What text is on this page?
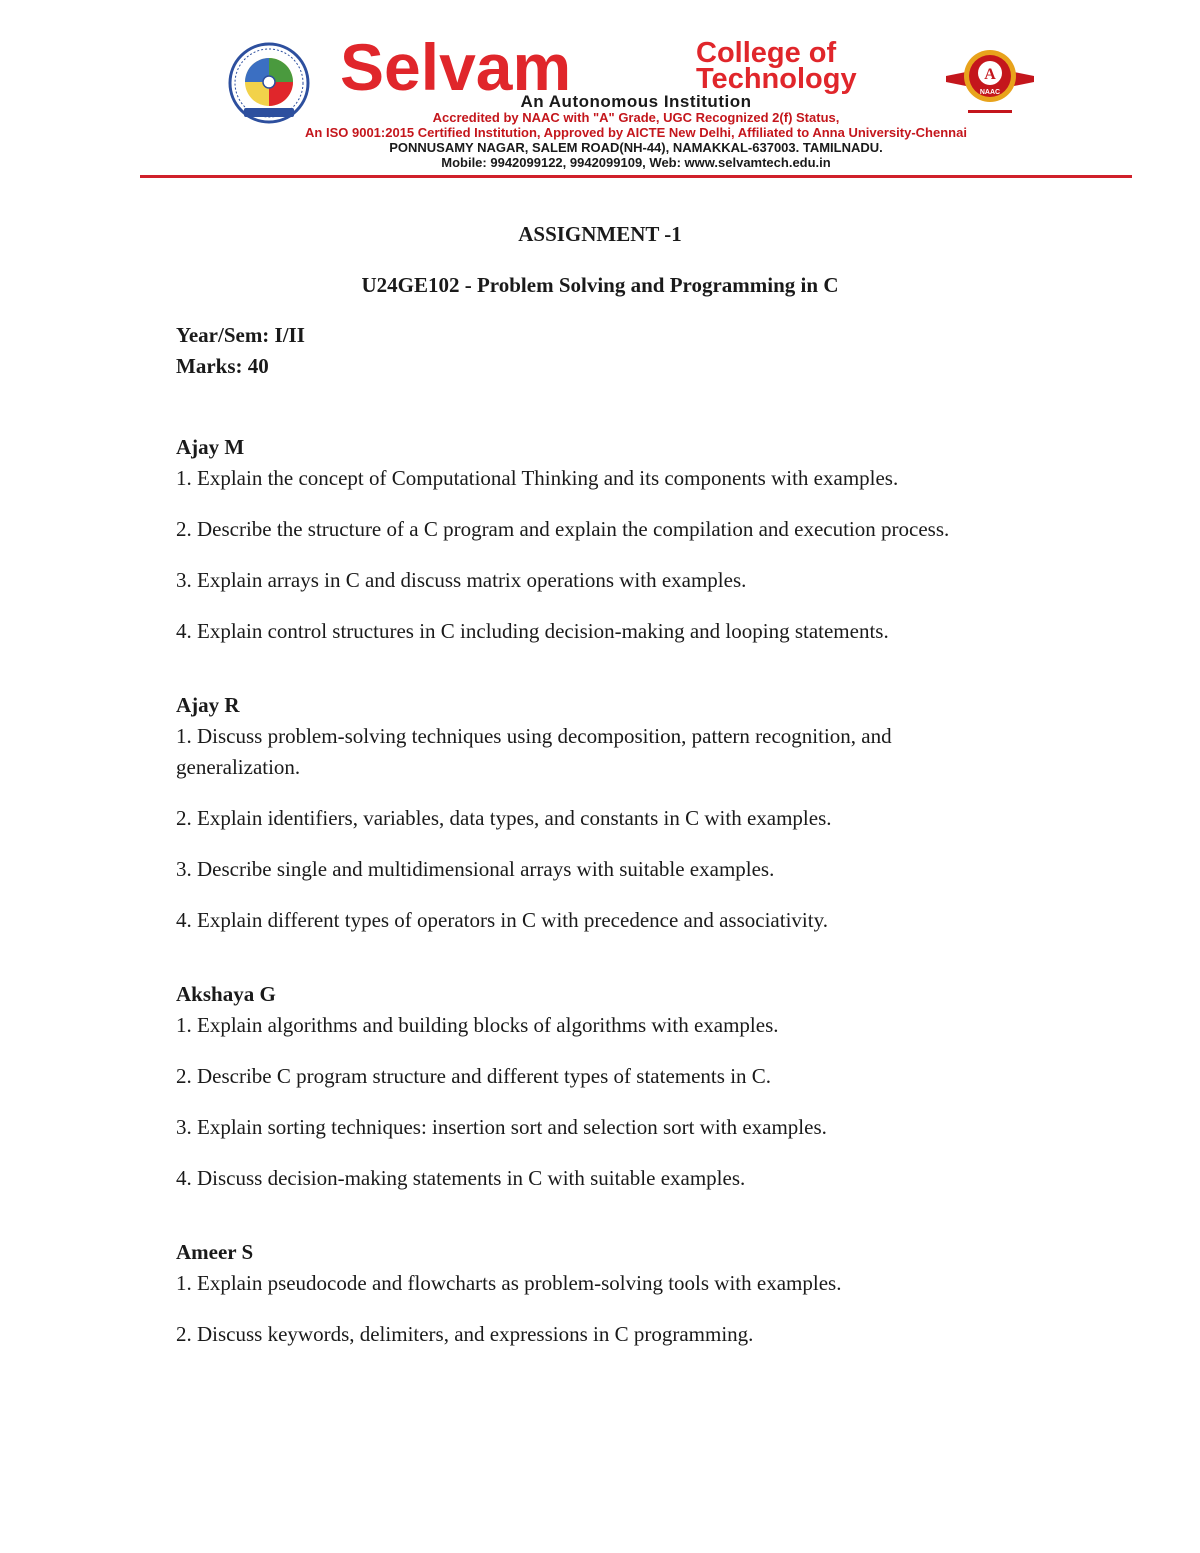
Selvam	College of
Technology	A
NAAC
An Autonomous Institution
Accredited by NAAC with "A" Grade, UGC Recognized 2(f) Status,
An ISO 9001:2015 Certified Institution, Approved by AICTE New Delhi, Affiliated to Anna University-Chennai
PONNUSAMY NAGAR, SALEM ROAD(NH-44), NAMAKKAL-637003. TAMILNADU.
Mobile: 9942099122, 9942099109, Web: www.selvamtech.edu.in
ASSIGNMENT -1
U24GE102 - Problem Solving and Programming in C
Year/Sem: I/II
Marks: 40
Ajay M

1. Explain the concept of Computational Thinking and its components with examples.

2. Describe the structure of a C program and explain the compilation and execution process.

3. Explain arrays in C and discuss matrix operations with examples.

4. Explain control structures in C including decision-making and looping statements.

Ajay R

1. Discuss problem-solving techniques using decomposition, pattern recognition, and generalization.

2. Explain identifiers, variables, data types, and constants in C with examples.

3. Describe single and multidimensional arrays with suitable examples.

4. Explain different types of operators in C with precedence and associativity.

Akshaya G

1. Explain algorithms and building blocks of algorithms with examples.

2. Describe C program structure and different types of statements in C.

3. Explain sorting techniques: insertion sort and selection sort with examples.

4. Discuss decision-making statements in C with suitable examples.

Ameer S

1. Explain pseudocode and flowcharts as problem-solving tools with examples.

2. Discuss keywords, delimiters, and expressions in C programming.
